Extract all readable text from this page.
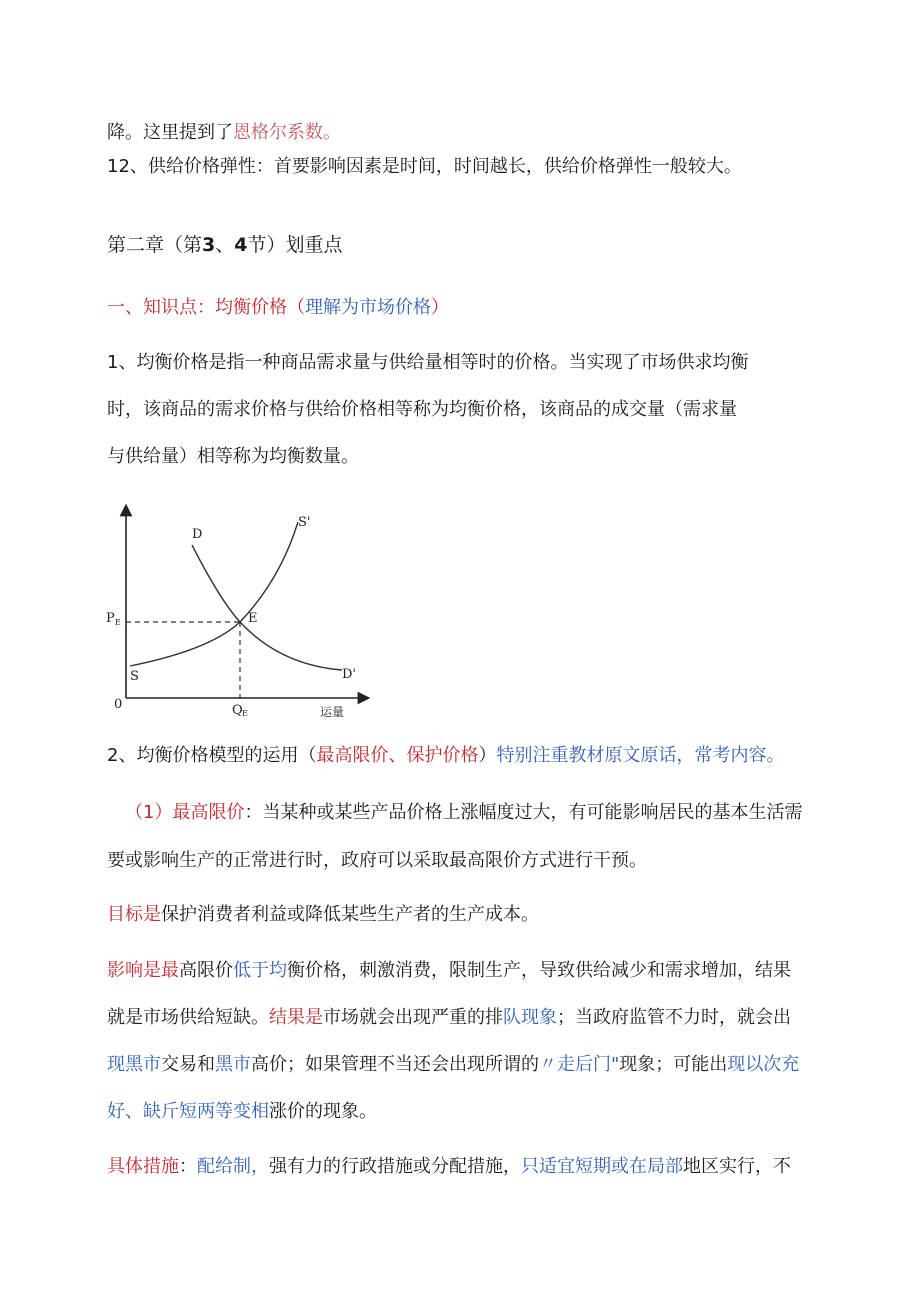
降。这里提到了恩格尔系数。
12、供给价格弹性：首要影响因素是时间，时间越长，供给价格弹性一般较大。
第二章（第3、4节）划重点
一、知识点：均衡价格（理解为市场价格）
1、均衡价格是指一种商品需求量与供给量相等时的价格。当实现了市场供求均衡
时，该商品的需求价格与供给价格相等称为均衡价格，该商品的成交量（需求量
与供给量）相等称为均衡数量。
D
S'
P E	E
S	D'
0	Q E	运量
2、均衡价格模型的运用（最高限价、保护价格）特别注重教材原文原话，常考内容。
（1）最高限价：当某种或某些产品价格上涨幅度过大，有可能影响居民的基本生活需
要或影响生产的正常进行时，政府可以采取最高限价方式进行干预。
目标是保护消费者利益或降低某些生产者的生产成本。
影响是最高限价低于均衡价格，刺激消费，限制生产，导致供给减少和需求增加，结果
就是市场供给短缺。结果是市场就会出现严重的排队现象；当政府监管不力时，就会出
现黑市交易和黑市高价；如果管理不当还会出现所谓的〃走后门"现象；可能出现以次充
好、缺斤短两等变相涨价的现象。
具体措施：配给制，强有力的行政措施或分配措施，只适宜短期或在局部地区实行，不
